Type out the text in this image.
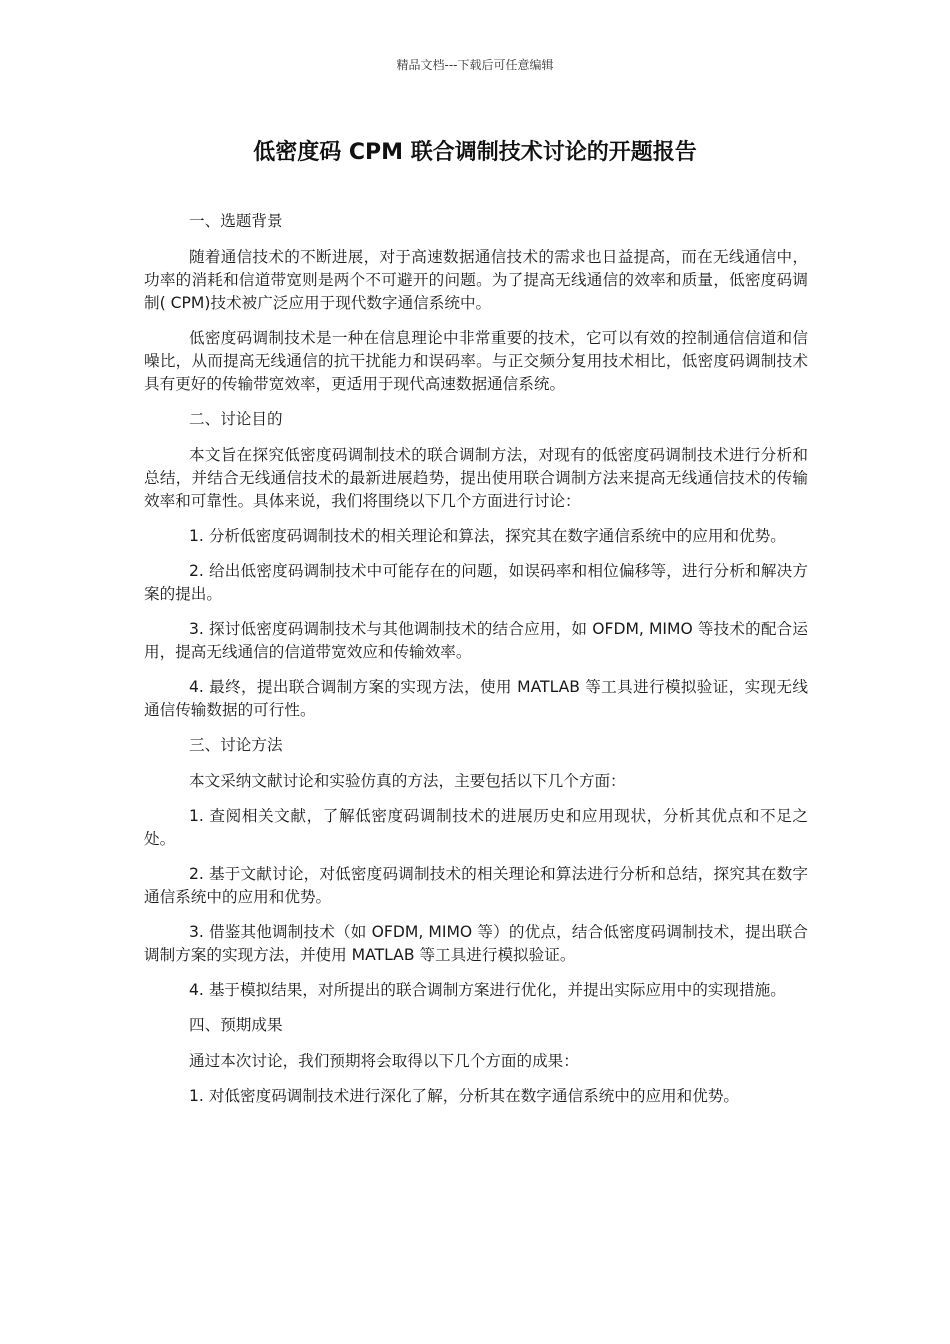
精品文档---下载后可任意编辑
低密度码 CPM 联合调制技术讨论的开题报告

一、选题背景

随着通信技术的不断进展，对于高速数据通信技术的需求也日益提高，而在无线通信中，功率的消耗和信道带宽则是两个不可避开的问题。为了提高无线通信的效率和质量，低密度码调制( CPM)技术被广泛应用于现代数字通信系统中。

低密度码调制技术是一种在信息理论中非常重要的技术，它可以有效的控制通信信道和信噪比，从而提高无线通信的抗干扰能力和误码率。与正交频分复用技术相比，低密度码调制技术具有更好的传输带宽效率，更适用于现代高速数据通信系统。

二、讨论目的

本文旨在探究低密度码调制技术的联合调制方法，对现有的低密度码调制技术进行分析和总结，并结合无线通信技术的最新进展趋势，提出使用联合调制方法来提高无线通信技术的传输效率和可靠性。具体来说，我们将围绕以下几个方面进行讨论：

1. 分析低密度码调制技术的相关理论和算法，探究其在数字通信系统中的应用和优势。

2. 给出低密度码调制技术中可能存在的问题，如误码率和相位偏移等，进行分析和解决方案的提出。

3. 探讨低密度码调制技术与其他调制技术的结合应用，如 OFDM, MIMO 等技术的配合运用，提高无线通信的信道带宽效应和传输效率。

4. 最终，提出联合调制方案的实现方法，使用 MATLAB 等工具进行模拟验证，实现无线通信传输数据的可行性。

三、讨论方法

本文采纳文献讨论和实验仿真的方法，主要包括以下几个方面：

1. 查阅相关文献，了解低密度码调制技术的进展历史和应用现状，分析其优点和不足之处。

2. 基于文献讨论，对低密度码调制技术的相关理论和算法进行分析和总结，探究其在数字通信系统中的应用和优势。

3. 借鉴其他调制技术（如 OFDM, MIMO 等）的优点，结合低密度码调制技术，提出联合调制方案的实现方法，并使用 MATLAB 等工具进行模拟验证。

4. 基于模拟结果，对所提出的联合调制方案进行优化，并提出实际应用中的实现措施。

四、预期成果

通过本次讨论，我们预期将会取得以下几个方面的成果：

1. 对低密度码调制技术进行深化了解，分析其在数字通信系统中的应用和优势。
